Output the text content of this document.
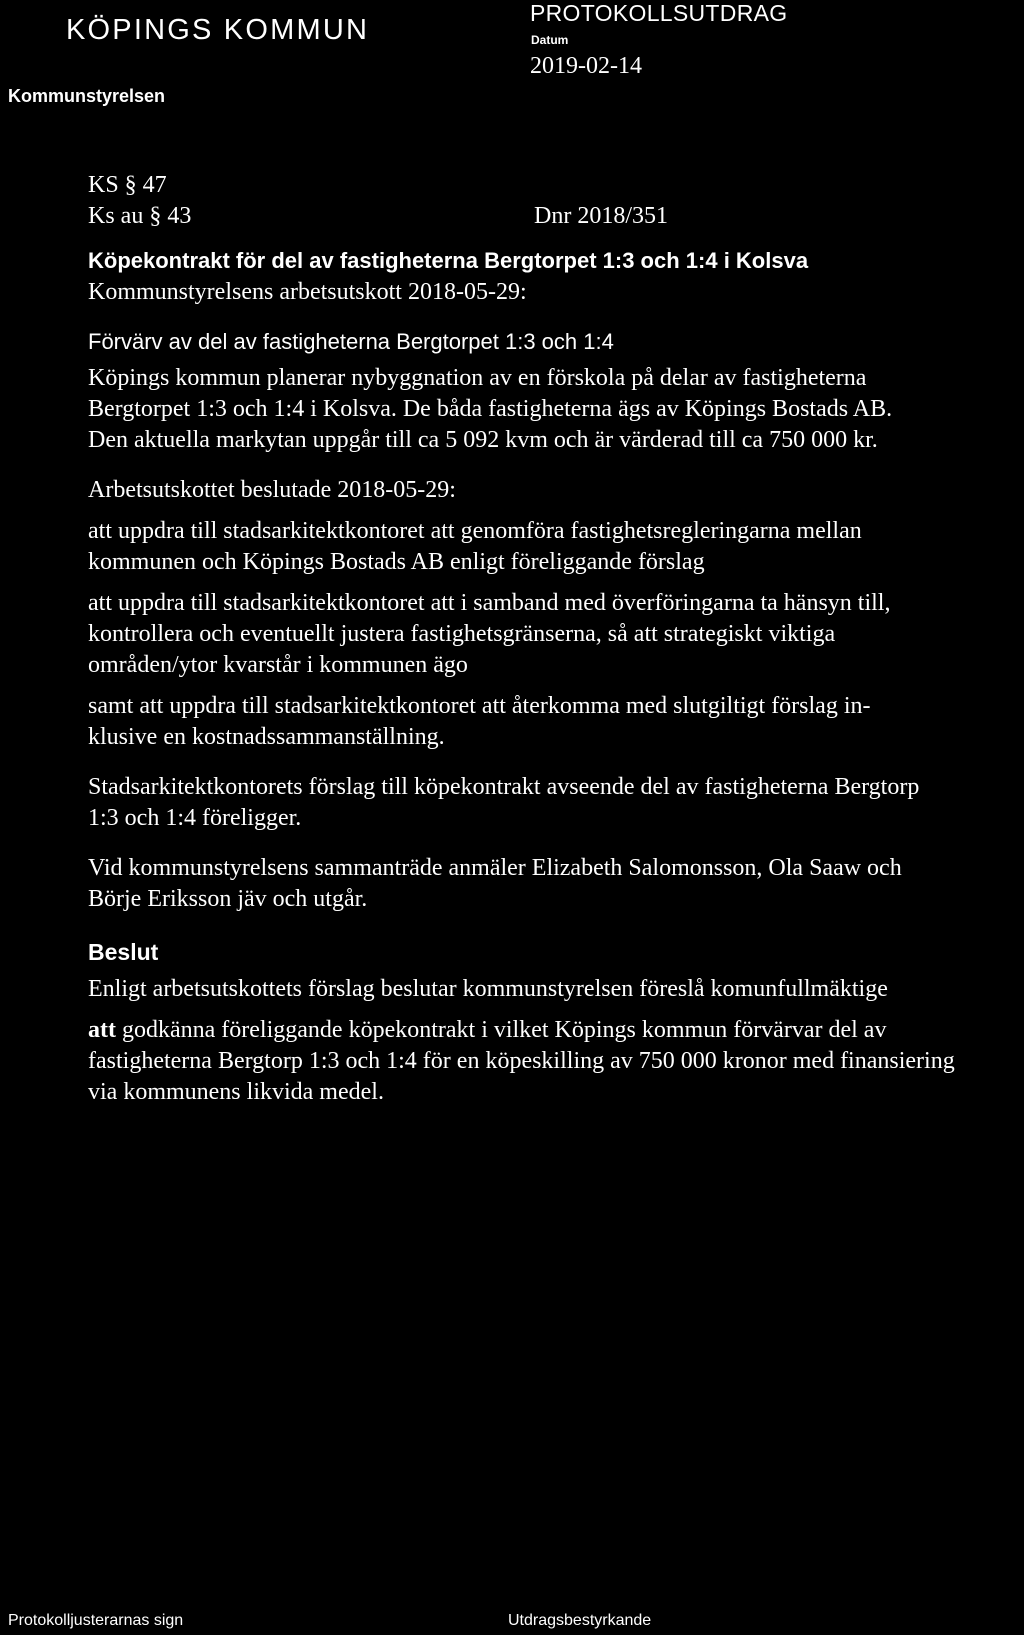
KÖPINGS KOMMUN
Kommunstyrelsen
PROTOKOLLSUTDRAG
Datum
2019-02-14
KS § 47
Ks au § 43	Dnr 2018/351

Köpekontrakt för del av fastigheterna Bergtorpet 1:3 och 1:4 i Kolsva

Kommunstyrelsens arbetsutskott 2018-05-29:

Förvärv av del av fastigheterna Bergtorpet 1:3 och 1:4

Köpings kommun planerar nybyggnation av en förskola på delar av fastigheterna
Bergtorpet 1:3 och 1:4 i Kolsva. De båda fastigheterna ägs av Köpings Bostads AB.
Den aktuella markytan uppgår till ca 5 092 kvm och är värderad till ca 750 000 kr.

Arbetsutskottet beslutade 2018-05-29:

att uppdra till stadsarkitektkontoret att genomföra fastighetsregleringarna mellan
kommunen och Köpings Bostads AB enligt föreliggande förslag
att uppdra till stadsarkitektkontoret att i samband med överföringarna ta hänsyn till,
kontrollera och eventuellt justera fastighetsgränserna, så att strategiskt viktiga
områden/ytor kvarstår i kommunen ägo
samt att uppdra till stadsarkitektkontoret att återkomma med slutgiltigt förslag in-
klusive en kostnadssammanställning.
Stadsarkitektkontorets förslag till köpekontrakt avseende del av fastigheterna Bergtorp
1:3 och 1:4 föreligger.
Vid kommunstyrelsens sammanträde anmäler Elizabeth Salomonsson, Ola Saaw och
Börje Eriksson jäv och utgår.

Beslut

Enligt arbetsutskottets förslag beslutar kommunstyrelsen föreslå komunfullmäktige

att godkänna föreliggande köpekontrakt i vilket Köpings kommun förvärvar del av
fastigheterna Bergtorp 1:3 och 1:4 för en köpeskilling av 750 000 kronor med finansiering
via kommunens likvida medel.
Protokolljusterarnas sign	Utdragsbestyrkande
